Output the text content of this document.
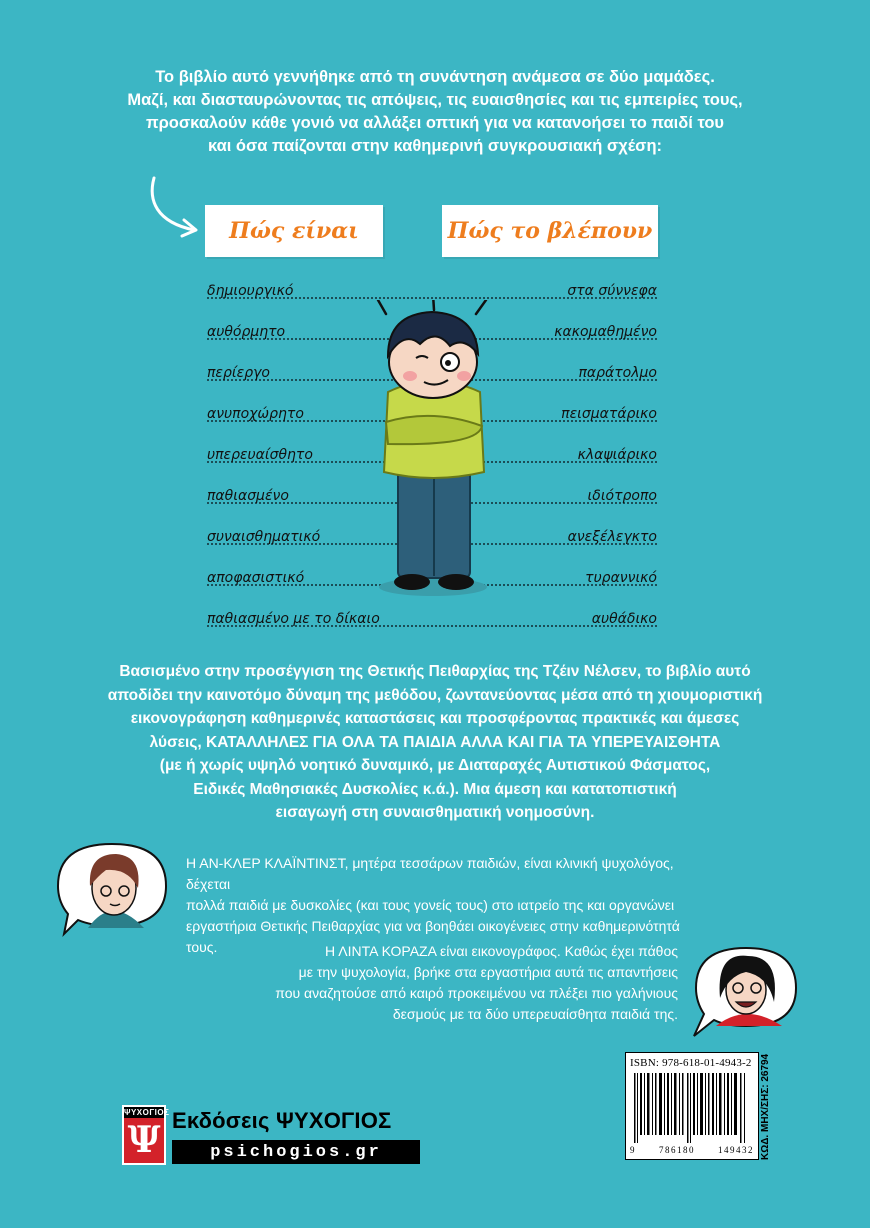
Το βιβλίο αυτό γεννήθηκε από τη συνάντηση ανάμεσα σε δύο μαμάδες.

Μαζί, και διασταυρώνοντας τις απόψεις, τις ευαισθησίες και τις εμπειρίες τους,

προσκαλούν κάθε γονιό να αλλάξει οπτική για να κατανοήσει το παιδί του

και όσα παίζονται στην καθημερινή συγκρουσιακή σχέση:

Πώς είναι	Πώς το βλέπουν
δημιουργικό	στα σύννεφα
αυθόρμητο	κακομαθημένο
περίεργο	παράτολμο
ανυποχώρητο	πεισματάρικο
υπερευαίσθητο	κλαψιάρικο
παθιασμένο	ιδιότροπο
συναισθηματικό	ανεξέλεγκτο
αποφασιστικό	τυραννικό
παθιασμένο με το δίκαιο	αυθάδικο

Βασισμένο στην προσέγγιση της Θετικής Πειθαρχίας της Τζέιν Νέλσεν, το βιβλίο αυτό

αποδίδει την καινοτόμο δύναμη της μεθόδου, ζωντανεύοντας μέσα από τη χιουμοριστική

εικονογράφηση καθημερινές καταστάσεις και προσφέροντας πρακτικές και άμεσες

λύσεις, ΚΑΤΑΛΛΗΛΕΣ ΓΙΑ ΟΛΑ ΤΑ ΠΑΙΔΙΑ ΑΛΛΑ ΚΑΙ ΓΙΑ ΤΑ ΥΠΕΡΕΥΑΙΣΘΗΤΑ

(με ή χωρίς υψηλό νοητικό δυναμικό, με Διαταραχές Αυτιστικού Φάσματος,

Ειδικές Μαθησιακές Δυσκολίες κ.ά.). Μια άμεση και κατατοπιστική

εισαγωγή στη συναισθηματική νοημοσύνη.

Η ΑΝ-ΚΛΕΡ ΚΛΑΪΝΤΙΝΣΤ, μητέρα τεσσάρων παιδιών, είναι κλινική ψυχολόγος, δέχεται
πολλά παιδιά με δυσκολίες (και τους γονείς τους) στο ιατρείο της και οργανώνει
εργαστήρια Θετικής Πειθαρχίας για να βοηθάει οικογένειες στην καθημερινότητά τους.	Η ΛΙΝΤΑ ΚΟΡΑΖΑ είναι εικονογράφος. Καθώς έχει πάθος
με την ψυχολογία, βρήκε στα εργαστήρια αυτά τις απαντήσεις
που αναζητούσε από καιρό προκειμένου να πλέξει πιο γαλήνιους
δεσμούς με τα δύο υπερευαίσθητα παιδιά της.
ISBN: 978-618-01-4943-2
9	786180	149432 ΚΩΔ. ΜΗΧ/ΣΗΣ: 26794
ΨΥΧΟΓΙΟΣ
Ψ Εκδόσεις ΨΥΧΟΓΙΟΣ
psichogios.gr
